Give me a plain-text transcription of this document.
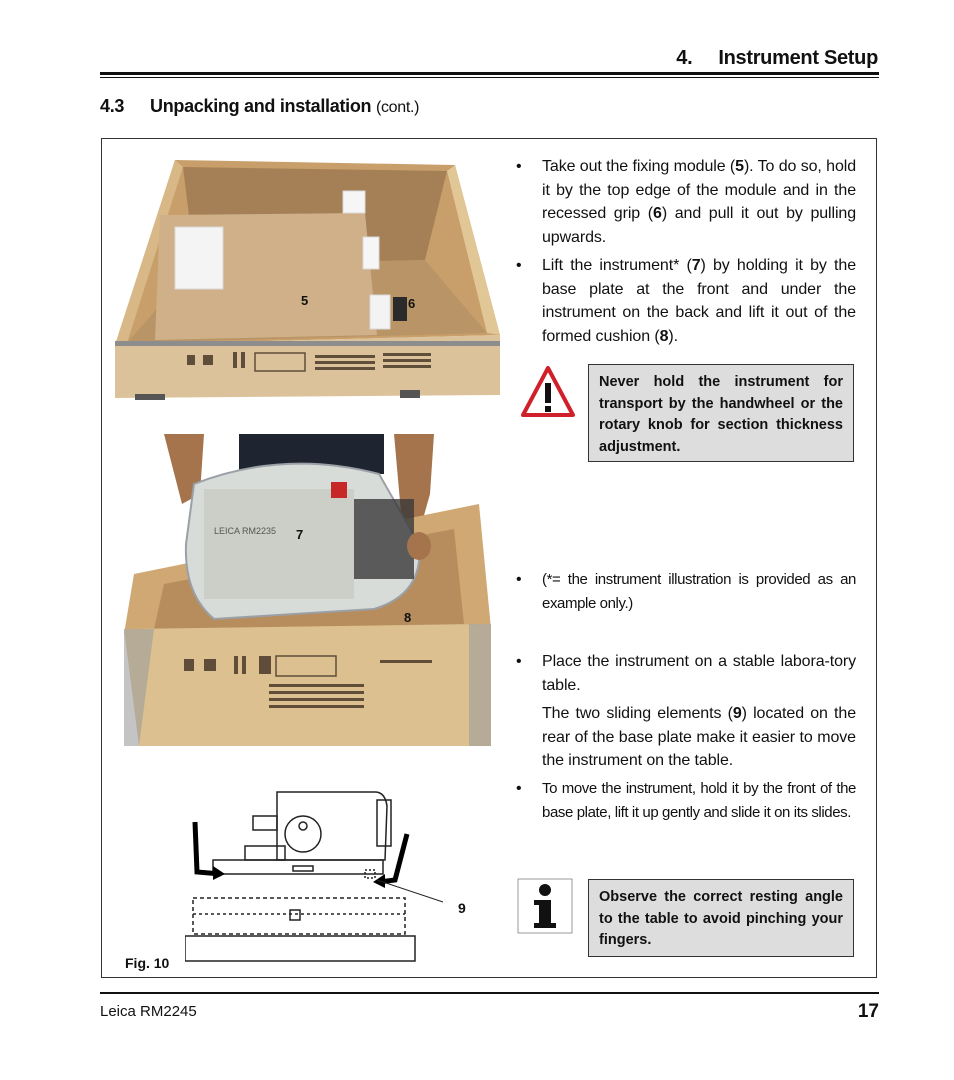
4. Instrument Setup
4.3 Unpacking and installation (cont.)
5	6
LEICA RM2235 7
8
9
Fig. 10
• Take out the fixing module (5). To do so, hold it by the top edge of the module and in the recessed grip (6) and pull it out by pulling upwards.
• Lift the instrument* (7) by holding it by the base plate at the front and under the instrument on the back and lift it out of the formed cushion (8).
Never hold the instrument for transport by the handwheel or the rotary knob for section thickness adjustment.
• (*= the instrument illustration is provided as an example only.)
• Place the instrument on a stable labora-tory table.
The two sliding elements (9) located on the rear of the base plate make it easier to move the instrument on the table.
• To move the instrument, hold it by the front of the base plate, lift it up gently and slide it on its slides.
Observe the correct resting angle to the table to avoid pinching your fingers.
Leica RM2245	17
